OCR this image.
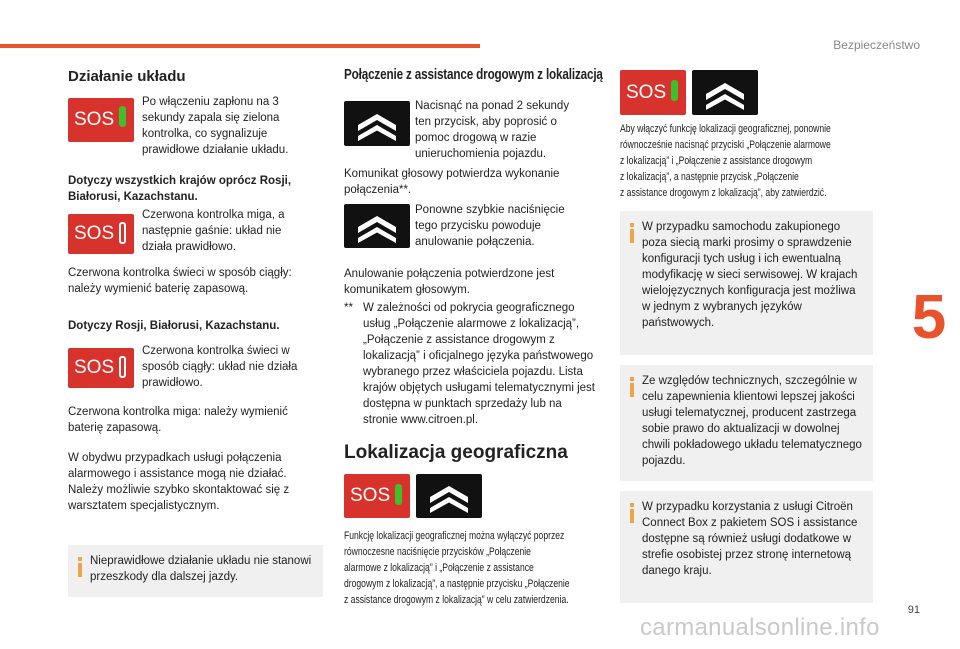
Bezpieczeństwo
5
91
Działanie układu
SOS

Po włączeniu zapłonu na 3 sekundy zapala się zielona kontrolka, co sygnalizuje prawidłowe działanie układu.

Dotyczy wszystkich krajów oprócz Rosji, Białorusi, Kazachstanu.

SOS

Czerwona kontrolka miga, a następnie gaśnie: układ nie działa prawidłowo.

Czerwona kontrolka świeci w sposób ciągły: należy wymienić baterię zapasową.

Dotyczy Rosji, Białorusi, Kazachstanu.

SOS

Czerwona kontrolka świeci w sposób ciągły: układ nie działa prawidłowo.

Czerwona kontrolka miga: należy wymienić baterię zapasową.

W obydwu przypadkach usługi połączenia alarmowego i assistance mogą nie działać. Należy możliwie szybko skontaktować się z warsztatem specjalistycznym.

Nieprawidłowe działanie układu nie stanowi przeszkody dla dalszej jazdy.

Połączenie z assistance drogowym z lokalizacją

Nacisnąć na ponad 2 sekundy ten przycisk, aby poprosić o pomoc drogową w razie unieruchomienia pojazdu.

Komunikat głosowy potwierdza wykonanie połączenia**.

Ponowne szybkie naciśnięcie tego przycisku powoduje anulowanie połączenia.

Anulowanie połączenia potwierdzone jest komunikatem głosowym.

** W zależności od pokrycia geograficznego usług „Połączenie alarmowe z lokalizacją”, „Połączenie z assistance drogowym z lokalizacją” i oficjalnego języka państwowego wybranego przez właściciela pojazdu. Lista krajów objętych usługami telematycznymi jest dostępna w punktach sprzedaży lub na stronie www.citroen.pl.

Lokalizacja geograficzna
SOS

Funkcję lokalizacji geograficznej można wyłączyć poprzez

równoczesne naciśnięcie przycisków „Połączenie

alarmowe z lokalizacją” i „Połączenie z assistance

drogowym z lokalizacją”, a następnie przycisku „Połączenie

z assistance drogowym z lokalizacją” w celu zatwierdzenia.

SOS

Aby włączyć funkcję lokalizacji geograficznej, ponownie

równocześnie nacisnąć przyciski „Połączenie alarmowe

z lokalizacją” i „Połączenie z assistance drogowym

z lokalizacją”, a następnie przycisk „Połączenie

z assistance drogowym z lokalizacją”, aby zatwierdzić.

W przypadku samochodu zakupionego poza siecią marki prosimy o sprawdzenie konfiguracji tych usług i ich ewentualną modyfikację w sieci serwisowej. W krajach wielojęzycznych konfiguracja jest możliwa w jednym z wybranych języków państwowych.

Ze względów technicznych, szczególnie w celu zapewnienia klientowi lepszej jakości usługi telematycznej, producent zastrzega sobie prawo do aktualizacji w dowolnej chwili pokładowego układu telematycznego pojazdu.

W przypadku korzystania z usługi Citroën Connect Box z pakietem SOS i assistance dostępne są również usługi dodatkowe w strefie osobistej przez stronę internetową danego kraju.

carmanualsonline.info
